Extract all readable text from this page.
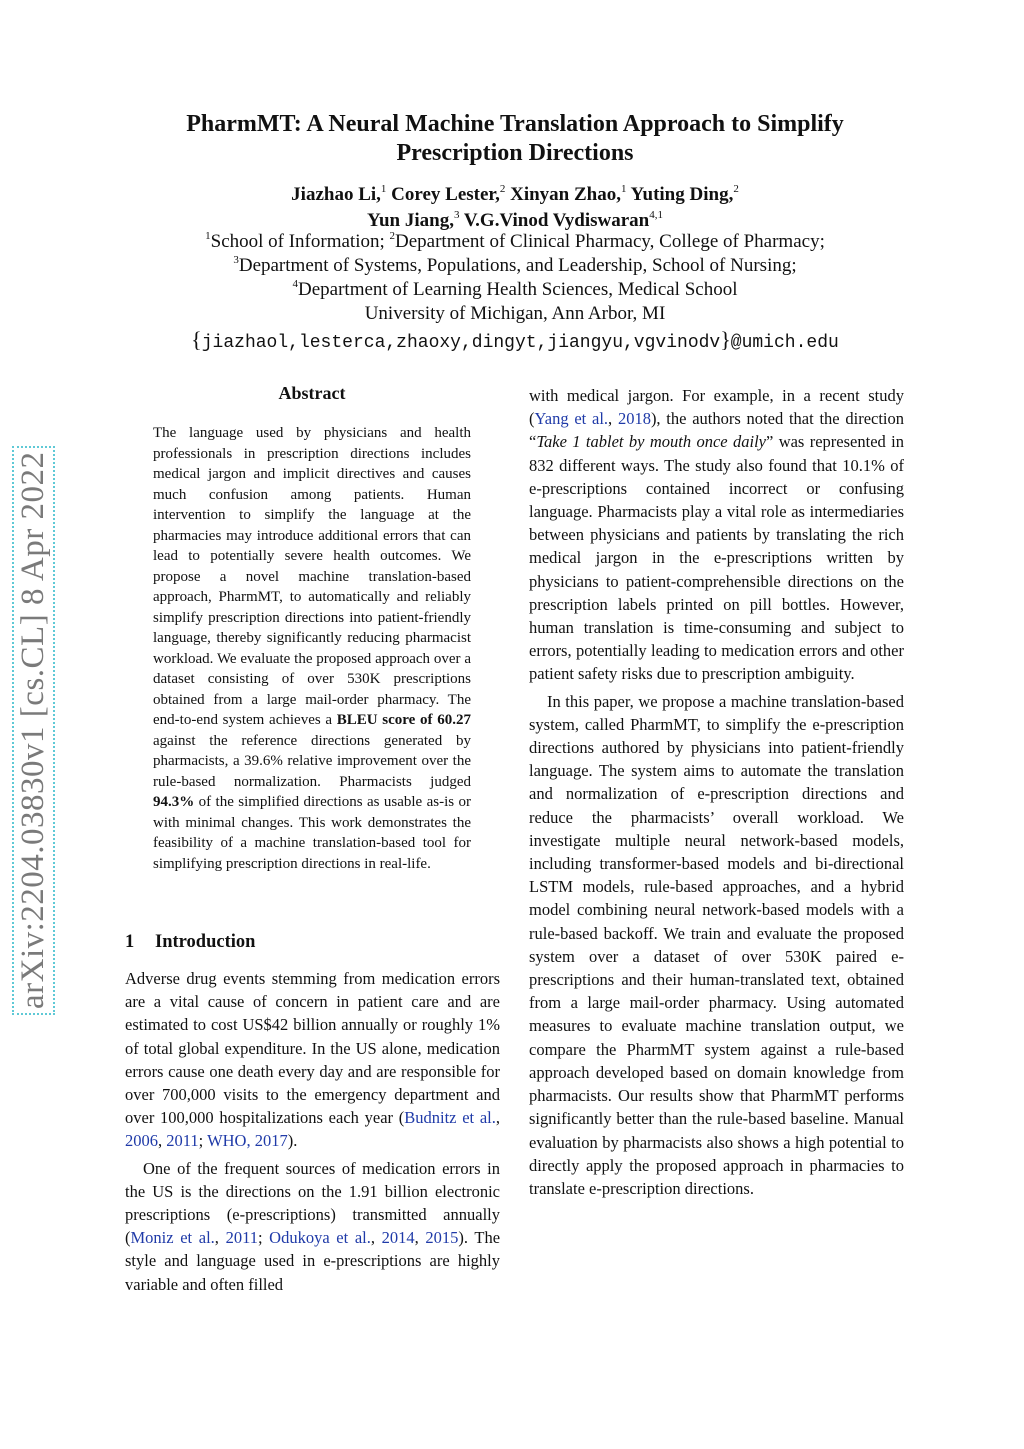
PharmMT: A Neural Machine Translation Approach to Simplify
Prescription Directions
Jiazhao Li,$^1$ Corey Lester,$^2$ Xinyan Zhao,$^1$ Yuting Ding,$^2$
Yun Jiang,$^3$ V.G.Vinod Vydiswaran$^{4,1}$
$^1$School of Information; $^2$Department of Clinical Pharmacy, College of Pharmacy;
$^3$Department of Systems, Populations, and Leadership, School of Nursing;
$^4$Department of Learning Health Sciences, Medical School
University of Michigan, Ann Arbor, MI
{jiazhaol,lesterca,zhaoxy,dingyt,jiangyu,vgvinodv}@umich.edu
arXiv:2204.03830v1 [cs.CL] 8 Apr 2022
Abstract
The language used by physicians and health professionals in prescription directions includes medical jargon and implicit directives and causes much confusion among patients. Human intervention to simplify the language at the pharmacies may introduce additional errors that can lead to potentially severe health outcomes. We propose a novel machine translation-based approach, PharmMT, to automatically and reliably simplify prescription directions into patient-friendly language, thereby significantly reducing pharmacist workload. We evaluate the proposed approach over a dataset consisting of over 530K prescriptions obtained from a large mail-order pharmacy. The end-to-end system achieves a BLEU score of 60.27 against the reference directions generated by pharmacists, a 39.6% relative improvement over the rule-based normalization. Pharmacists judged 94.3% of the simplified directions as usable as-is or with minimal changes. This work demonstrates the feasibility of a machine translation-based tool for simplifying prescription directions in real-life.
1 Introduction

Adverse drug events stemming from medication errors are a vital cause of concern in patient care and are estimated to cost US$42 billion annually or roughly 1% of total global expenditure. In the US alone, medication errors cause one death every day and are responsible for over 700,000 visits to the emergency department and over 100,000 hospitalizations each year (Budnitz et al., 2006, 2011; WHO, 2017).

One of the frequent sources of medication errors in the US is the directions on the 1.91 billion electronic prescriptions (e-prescriptions) transmitted annually (Moniz et al., 2011; Odukoya et al., 2014, 2015). The style and language used in e-prescriptions are highly variable and often filled

with medical jargon. For example, in a recent study (Yang et al., 2018), the authors noted that the direction “Take 1 tablet by mouth once daily” was represented in 832 different ways. The study also found that 10.1% of e-prescriptions contained incorrect or confusing language. Pharmacists play a vital role as intermediaries between physicians and patients by translating the rich medical jargon in the e-prescriptions written by physicians to patient-comprehensible directions on the prescription labels printed on pill bottles. However, human translation is time-consuming and subject to errors, potentially leading to medication errors and other patient safety risks due to prescription ambiguity.

In this paper, we propose a machine translation-based system, called PharmMT, to simplify the e-prescription directions authored by physicians into patient-friendly language. The system aims to automate the translation and normalization of e-prescription directions and reduce the pharmacists’ overall workload. We investigate multiple neural network-based models, including transformer-based models and bi-directional LSTM models, rule-based approaches, and a hybrid model combining neural network-based models with a rule-based backoff. We train and evaluate the proposed system over a dataset of over 530K paired e-prescriptions and their human-translated text, obtained from a large mail-order pharmacy. Using automated measures to evaluate machine translation output, we compare the PharmMT system against a rule-based approach developed based on domain knowledge from pharmacists. Our results show that PharmMT performs significantly better than the rule-based baseline. Manual evaluation by pharmacists also shows a high potential to directly apply the proposed approach in pharmacies to translate e-prescription directions.
